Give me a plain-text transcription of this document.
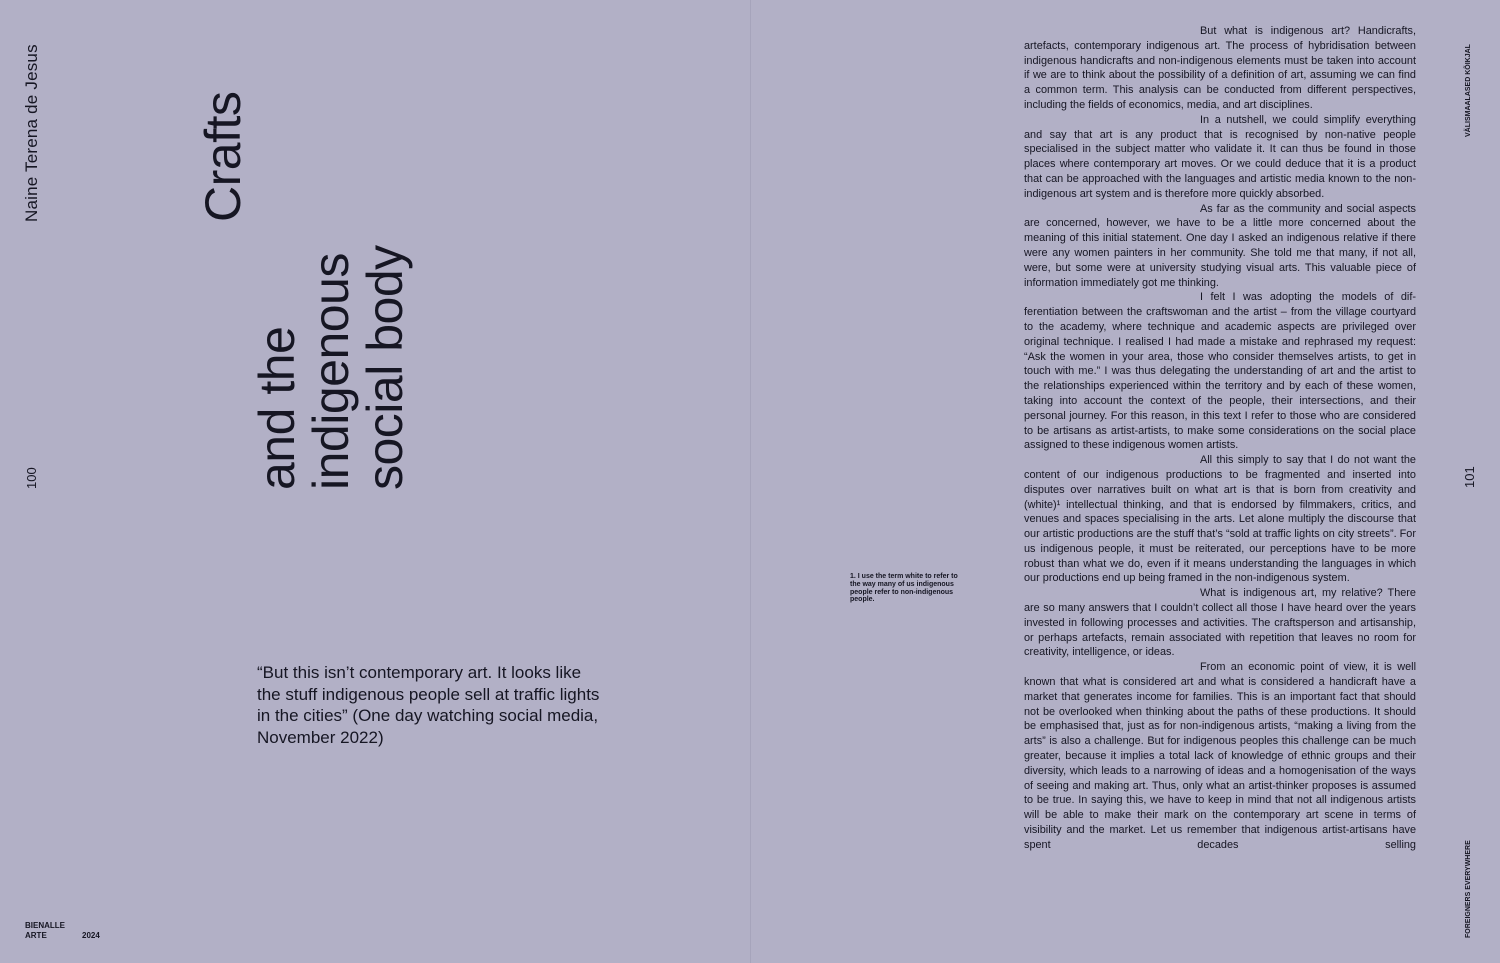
Naine Terena de Jesus
100
Crafts
and the
indigenous
social body
“But this isn’t contemporary art. It looks like the stuff indigenous people sell at traffic lights in the cities” (One day watching social media, November 2022)
BIENALLE
ARTE	2024
1. I use the term white to refer to the way many of us indigenous people refer to non-indigenous people.

But what is indigenous art? Handicrafts, artefacts, contemporary indigenous art. The process of hybridisation between indigenous handicrafts and non-indigenous elements must be taken into account if we are to think about the possibility of a definition of art, assuming we can find a common term. This analysis can be conducted from different perspectives, including the fields of economics, media, and art disciplines.

In a nutshell, we could simplify everything and say that art is any product that is recognised by non-native people specialised in the subject matter who validate it. It can thus be found in those places where contemporary art moves. Or we could deduce that it is a product that can be approached with the languages and artistic media known to the non-indigenous art system and is therefore more quickly absorbed.

As far as the community and social aspects are concerned, however, we have to be a little more concerned about the meaning of this initial statement. One day I asked an indigenous relative if there were any women painters in her community. She told me that many, if not all, were, but some were at university studying visual arts. This valuable piece of information immediately got me thinking.

I felt I was adopting the models of differentiation between the craftswoman and the artist – from the village courtyard to the academy, where technique and academic aspects are privileged over original technique. I realised I had made a mistake and rephrased my request: “Ask the women in your area, those who consider themselves artists, to get in touch with me.” I was thus delegating the understanding of art and the artist to the relationships experienced within the territory and by each of these women, taking into account the context of the people, their intersections, and their personal journey. For this reason, in this text I refer to those who are considered to be artisans as artist-artists, to make some considerations on the social place assigned to these indigenous women artists.

All this simply to say that I do not want the content of our indigenous productions to be fragmented and inserted into disputes over narratives built on what art is that is born from creativity and (white)¹ intellectual thinking, and that is endorsed by filmmakers, critics, and venues and spaces specialising in the arts. Let alone multiply the discourse that our artistic productions are the stuff that’s “sold at traffic lights on city streets”. For us indigenous people, it must be reiterated, our perceptions have to be more robust than what we do, even if it means understanding the languages in which our productions end up being framed in the non-indigenous system.

What is indigenous art, my relative? There are so many answers that I couldn’t collect all those I have heard over the years invested in following processes and activities. The craftsperson and artisanship, or perhaps artefacts, remain associated with repetition that leaves no room for creativity, intelligence, or ideas.

From an economic point of view, it is well known that what is considered art and what is considered a handicraft have a market that generates income for families. This is an important fact that should not be overlooked when thinking about the paths of these productions. It should be emphasised that, just as for non-indigenous artists, “making a living from the arts” is also a challenge. But for indigenous peoples this challenge can be much greater, because it implies a total lack of knowledge of ethnic groups and their diversity, which leads to a narrowing of ideas and a homogenisation of the ways of seeing and making art. Thus, only what an artist-thinker proposes is assumed to be true. In saying this, we have to keep in mind that not all indigenous artists will be able to make their mark on the contemporary art scene in terms of visibility and the market. Let us remember that indigenous artist-artisans have spent decades selling

VÄLISMAALASED KÕIKJAL
101
FOREIGNERS EVERYWHERE
